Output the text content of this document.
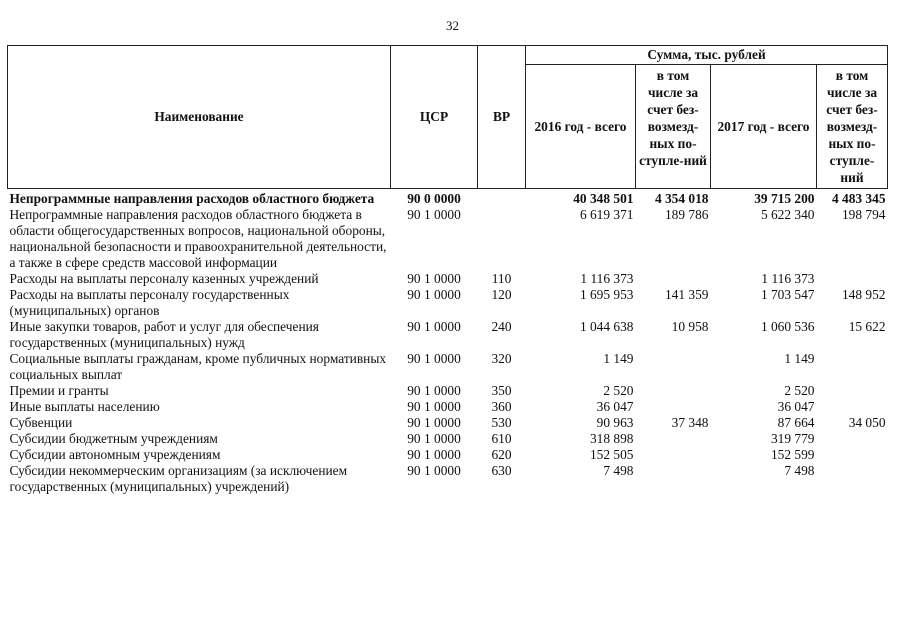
32
Наименование	ЦСР	ВР	Сумма, тыс. рублей			
			2016 год - всего	в том числе за счет без-возмезд-ных по-ступле-ний	2017 год - всего	в том числе за счет без-возмезд-ных по-ступле-ний
Непрограммные направления расходов областного бюджета	90 0 0000		40 348 501	4 354 018	39 715 200	4 483 345
Непрограммные направления расходов областного бюджета в области общегосударственных вопросов, национальной обороны, национальной безопасности и правоохранительной деятельности, а также в сфере средств массовой информации	90 1 0000		6 619 371	189 786	5 622 340	198 794
Расходы на выплаты персоналу казенных учреждений	90 1 0000	110	1 116 373		1 116 373	
Расходы на выплаты персоналу государственных (муниципальных) органов	90 1 0000	120	1 695 953	141 359	1 703 547	148 952
Иные закупки товаров, работ и услуг для обеспечения государственных (муниципальных) нужд	90 1 0000	240	1 044 638	10 958	1 060 536	15 622
Социальные выплаты гражданам, кроме публичных нормативных социальных выплат	90 1 0000	320	1 149		1 149	
Премии и гранты	90 1 0000	350	2 520		2 520	
Иные выплаты населению	90 1 0000	360	36 047		36 047	
Субвенции	90 1 0000	530	90 963	37 348	87 664	34 050
Субсидии бюджетным учреждениям	90 1 0000	610	318 898		319 779	
Субсидии автономным учреждениям	90 1 0000	620	152 505		152 599	
Субсидии некоммерческим организациям (за исключением государственных (муниципальных) учреждений)	90 1 0000	630	7 498		7 498	
